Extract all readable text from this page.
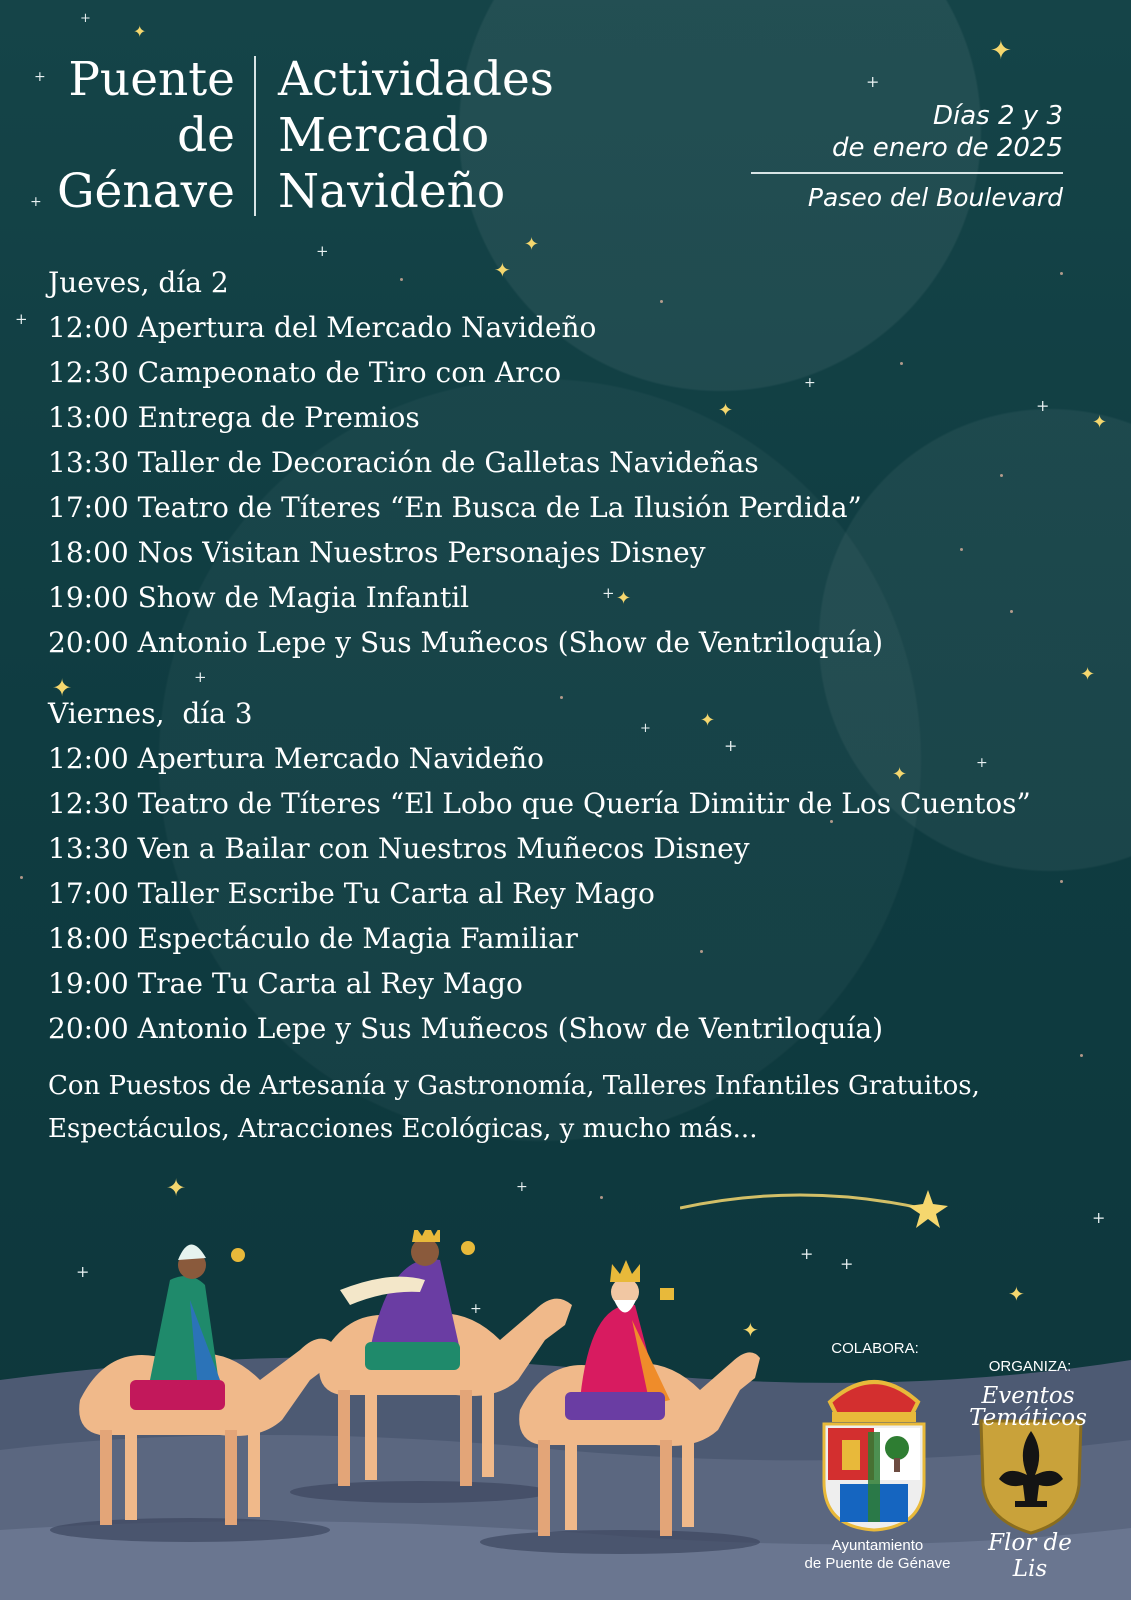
✦
+
✦
+
+
+
✦
✦
+
+
+
✦	+
✦
+ ✦
✦	+	✦
✦
+
+
✦
+
✦	+
+
+
+
+
✦
✦
+
Puente
de
Génave
Actividades
Mercado
Navideño
Días 2 y 3
de enero de 2025
Paseo del Boulevard
Jueves, día 2
12:00 Apertura del Mercado Navideño
12:30 Campeonato de Tiro con Arco
13:00 Entrega de Premios
13:30 Taller de Decoración de Galletas Navideñas
17:00 Teatro de Títeres “En Busca de La Ilusión Perdida”
18:00 Nos Visitan Nuestros Personajes Disney
19:00 Show de Magia Infantil
20:00 Antonio Lepe y Sus Muñecos (Show de Ventriloquía)
Viernes,  día 3
12:00 Apertura Mercado Navideño
12:30 Teatro de Títeres “El Lobo que Quería Dimitir de Los Cuentos”
13:30 Ven a Bailar con Nuestros Muñecos Disney
17:00 Taller Escribe Tu Carta al Rey Mago
18:00 Espectáculo de Magia Familiar
19:00 Trae Tu Carta al Rey Mago
20:00 Antonio Lepe y Sus Muñecos (Show de Ventriloquía)
Con Puestos de Artesanía y Gastronomía, Talleres Infantiles Gratuitos,
Espectáculos, Atracciones Ecológicas, y mucho más...
COLABORA:
Ayuntamiento
de Puente de Génave
ORGANIZA:
Eventos
Temáticos
Flor de Lis
